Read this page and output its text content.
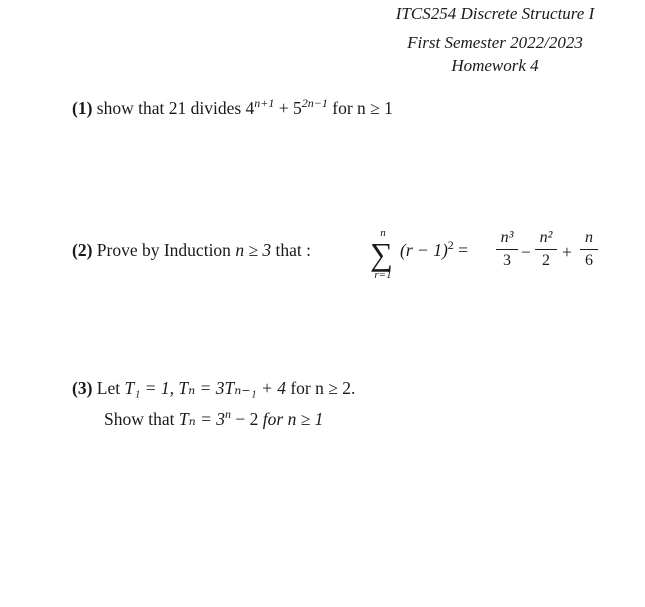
ITCS254 Discrete Structure I
First Semester 2022/2023
Homework 4
(1) show that 21 divides $4^{n+1} + 5^{2n-1}$ for n ≥ 1
(2) Prove by Induction n ≥ 3 that :
n
∑
r=1
$(r - 1)^2$ =
n³
3 −
n²
2 +
n
6
(3) Let T₁ = 1, Tₙ = 3Tₙ₋₁ + 4 for n ≥ 2.
Show that $T_n = 3^n - 2$ for n ≥ 1
